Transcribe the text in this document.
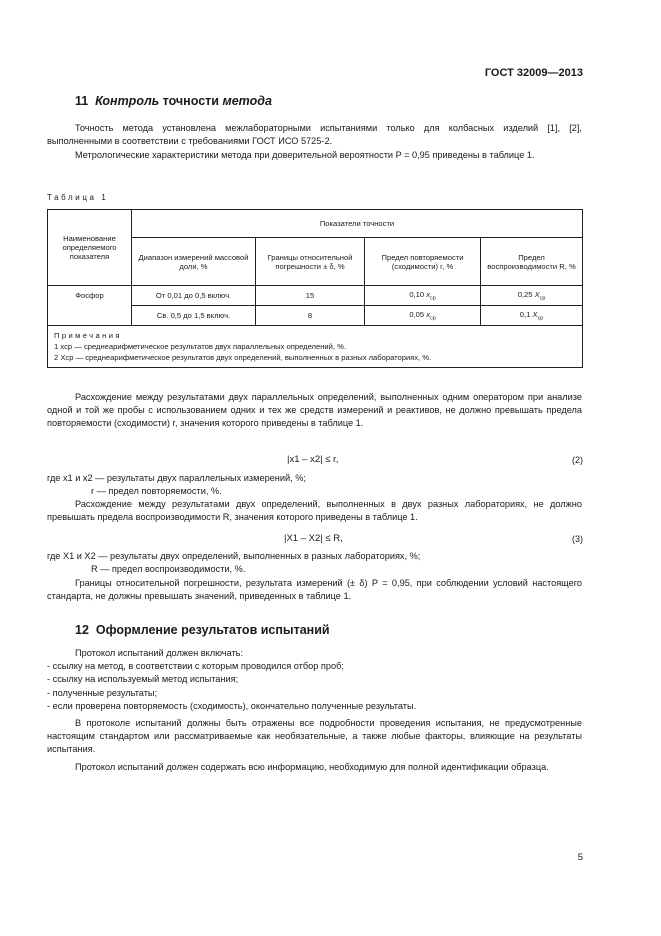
ГОСТ 32009—2013
11 Контроль точности метода

Точность метода установлена межлабораторными испытаниями только для колбасных изделий [1], [2], выполненными в соответствии с требованиями ГОСТ ИСО 5725-2.

Метрологические характеристики метода при доверительной вероятности P = 0,95 приведены в таблице 1.

Таблица 1
Наименование определяемого показателя	Показатели точности			
	Диапазон измерений массовой доли, %	Границы относительной погрешности ± δ, %	Предел повторяемости (сходимости) r, %	Предел воспроизводимости R, %
Фосфор	От 0,01 до 0,5 включ.	15	0,10 $x_{ср}$	0,25 $X_{ср}$
	Св. 0,5 до 1,5 включ.	8	0,05 $x_{ср}$	0,1 $X_{ср}$

Примечания
1 xср — среднеарифметическое результатов двух параллельных определений, %.
2 Xср — среднеарифметическое результатов двух определений, выполненных в разных лабораториях, %.				

Расхождение между результатами двух параллельных определений, выполненных одним оператором при анализе одной и той же пробы с использованием одних и тех же средств измерений и реактивов, не должно превышать предела повторяемости (сходимости) r, значения которого приведены в таблице 1.

|x1 – x2| ≤ r,	(2)
где x1 и x2 — результаты двух параллельных измерений, %;
r — предел повторяемости, %.

Расхождение между результатами двух определений, выполненных в двух разных лабораториях, не должно превышать предела воспроизводимости R, значения которого приведены в таблице 1.

|X1 – X2| ≤ R,	(3)
где X1 и X2 — результаты двух определений, выполненных в разных лабораториях, %;
R — предел воспроизводимости, %.

Границы относительной погрешности, результата измерений (± δ) P = 0,95, при соблюдении условий настоящего стандарта, не должны превышать значений, приведенных в таблице 1.

12 Оформление результатов испытаний
Протокол испытаний должен включать:
- ссылку на метод, в соответствии с которым проводился отбор проб;
- ссылку на используемый метод испытания;
- полученные результаты;
- если проверена повторяемость (сходимость), окончательно полученные результаты.

В протоколе испытаний должны быть отражены все подробности проведения испытания, не предусмотренные настоящим стандартом или рассматриваемые как необязательные, а также любые факторы, влияющие на результаты испытания.

Протокол испытаний должен содержать всю информацию, необходимую для полной идентификации образца.

5
